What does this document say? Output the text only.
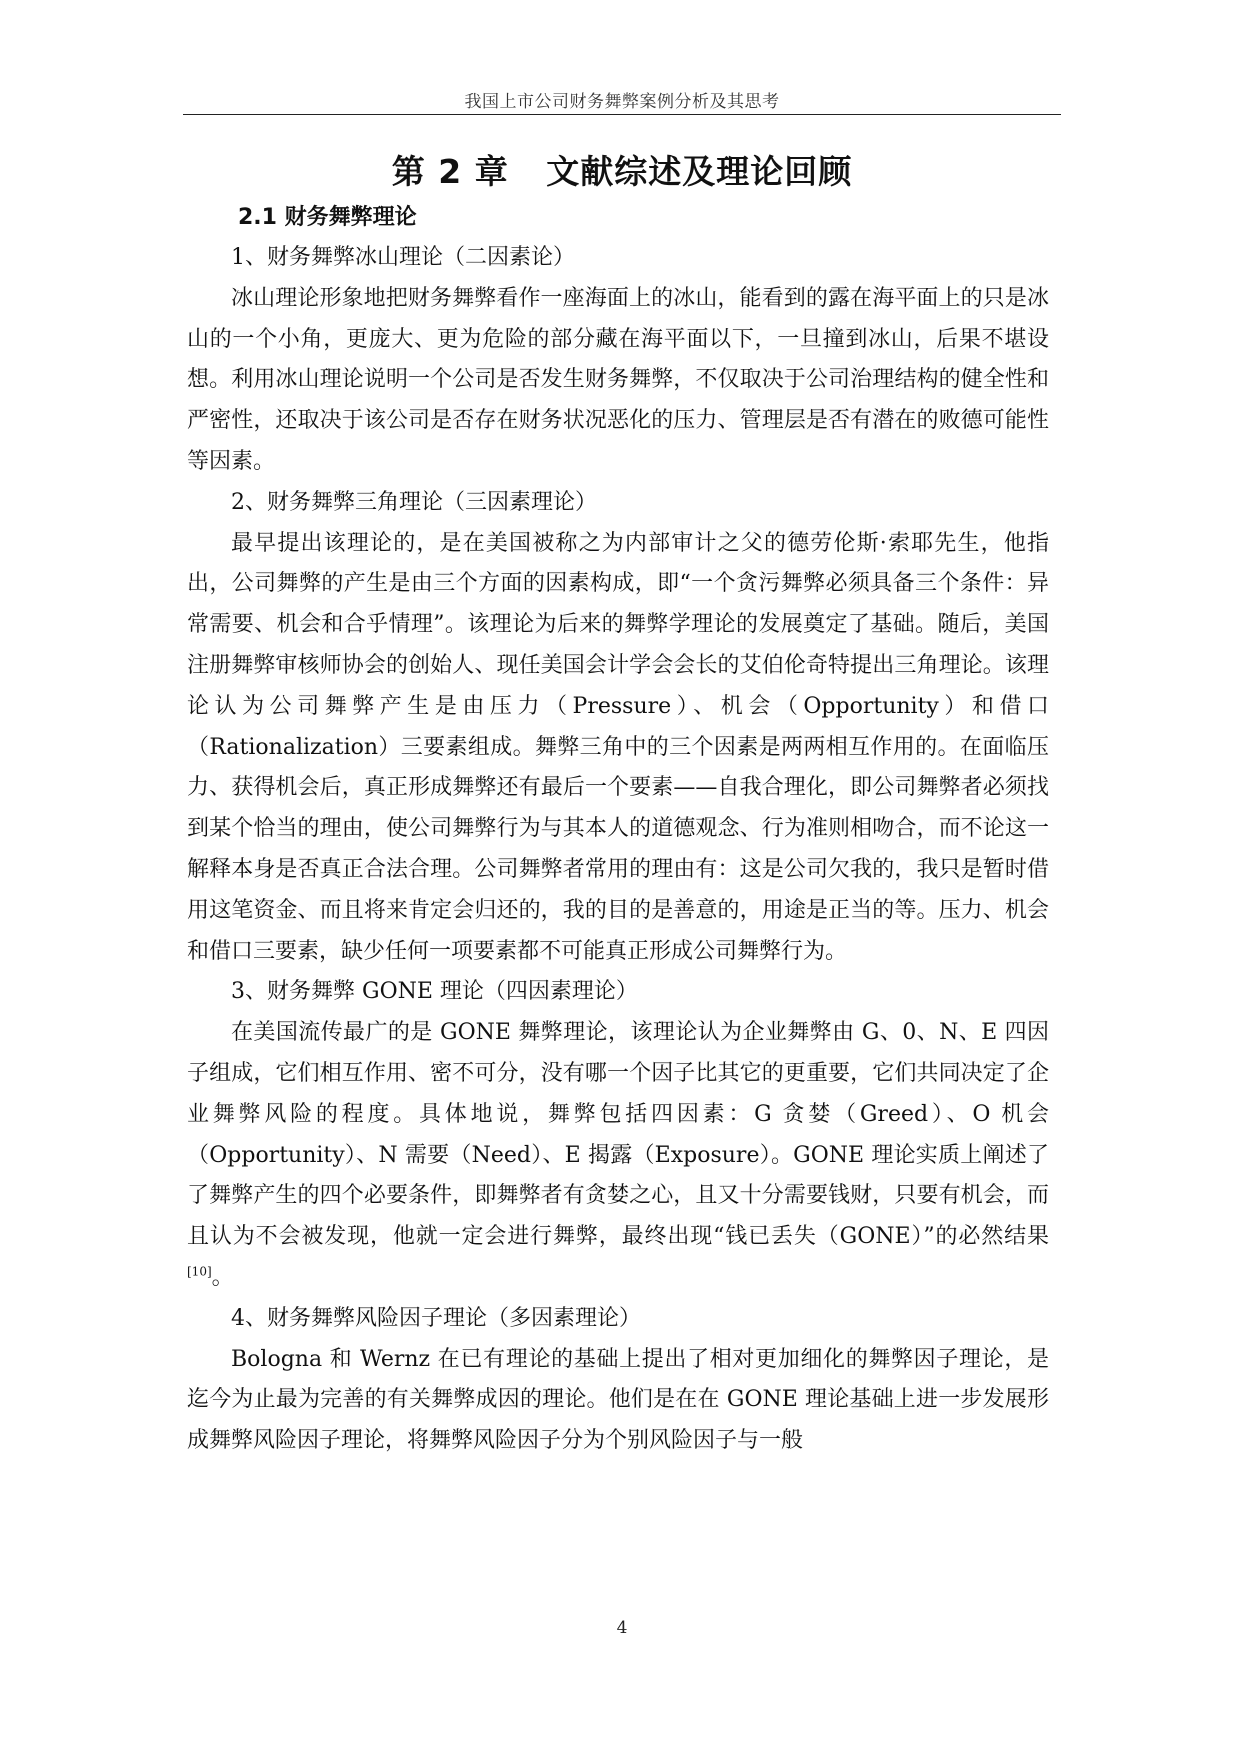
我国上市公司财务舞弊案例分析及其思考
第 2 章   文献综述及理论回顾
2.1 财务舞弊理论

1、财务舞弊冰山理论（二因素论）

冰山理论形象地把财务舞弊看作一座海面上的冰山，能看到的露在海平面上的只是冰山的一个小角，更庞大、更为危险的部分藏在海平面以下，一旦撞到冰山，后果不堪设想。利用冰山理论说明一个公司是否发生财务舞弊，不仅取决于公司治理结构的健全性和严密性，还取决于该公司是否存在财务状况恶化的压力、管理层是否有潜在的败德可能性等因素。

2、财务舞弊三角理论（三因素理论）

最早提出该理论的，是在美国被称之为内部审计之父的德劳伦斯·索耶先生，他指出，公司舞弊的产生是由三个方面的因素构成，即“一个贪污舞弊必须具备三个条件：异常需要、机会和合乎情理”。该理论为后来的舞弊学理论的发展奠定了基础。随后，美国注册舞弊审核师协会的创始人、现任美国会计学会会长的艾伯伦奇特提出三角理论。该理论认为公司舞弊产生是由压力（Pressure）、机会（Opportunity）和借口（Rationalization）三要素组成。舞弊三角中的三个因素是两两相互作用的。在面临压力、获得机会后，真正形成舞弊还有最后一个要素——自我合理化，即公司舞弊者必须找到某个恰当的理由，使公司舞弊行为与其本人的道德观念、行为准则相吻合，而不论这一解释本身是否真正合法合理。公司舞弊者常用的理由有：这是公司欠我的，我只是暂时借用这笔资金、而且将来肯定会归还的，我的目的是善意的，用途是正当的等。压力、机会和借口三要素，缺少任何一项要素都不可能真正形成公司舞弊行为。

3、财务舞弊 GONE 理论（四因素理论）

在美国流传最广的是 GONE 舞弊理论，该理论认为企业舞弊由 G、0、N、E 四因子组成，它们相互作用、密不可分，没有哪一个因子比其它的更重要，它们共同决定了企业舞弊风险的程度。具体地说，舞弊包括四因素：G 贪婪（Greed）、O 机会（Opportunity）、N 需要（Need）、E 揭露（Exposure）。GONE 理论实质上阐述了了舞弊产生的四个必要条件，即舞弊者有贪婪之心，且又十分需要钱财，只要有机会，而且认为不会被发现，他就一定会进行舞弊，最终出现“钱已丢失（GONE）”的必然结果[10]。

4、财务舞弊风险因子理论（多因素理论）

Bologna 和 Wernz 在已有理论的基础上提出了相对更加细化的舞弊因子理论，是迄今为止最为完善的有关舞弊成因的理论。他们是在在 GONE 理论基础上进一步发展形成舞弊风险因子理论，将舞弊风险因子分为个别风险因子与一般

4
